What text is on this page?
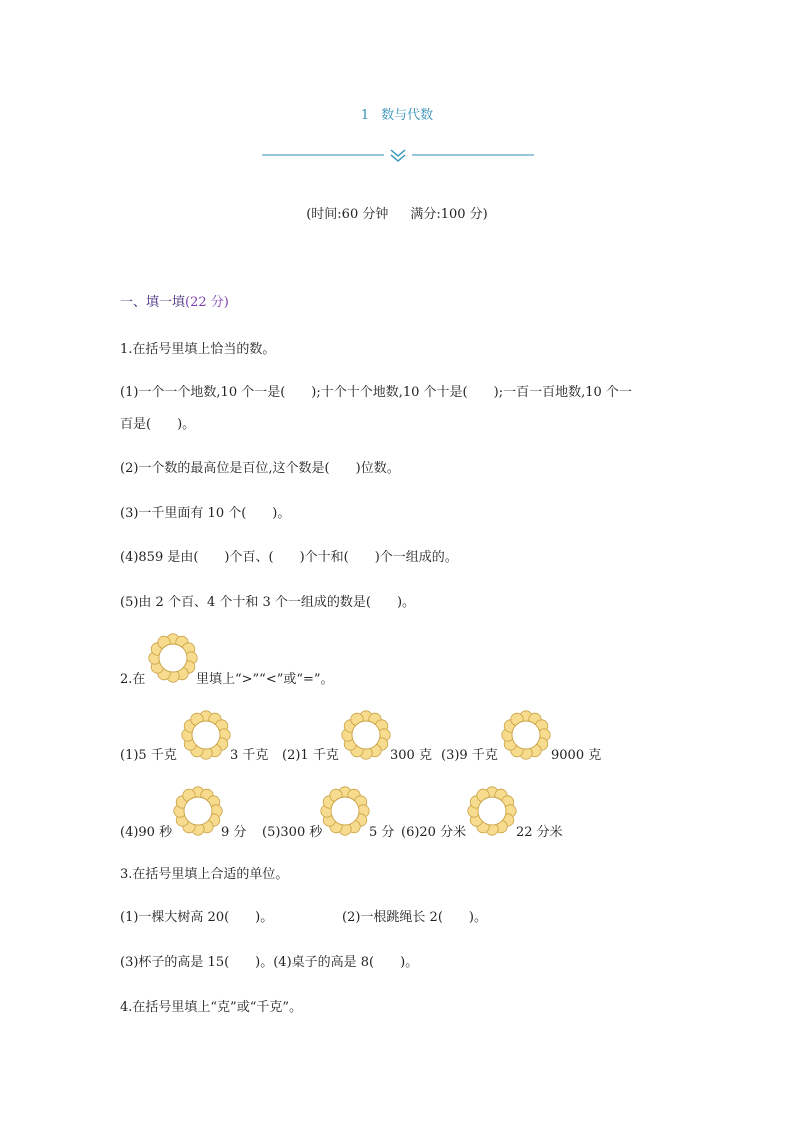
1 数与代数
(时间:60 分钟 满分:100 分)
一、填一填(22 分)
1.在括号里填上恰当的数。
(1)一个一个地数,10 个一是(　　);十个十个地数,10 个十是(　　);一百一百地数,10 个一
百是(　　)。
(2)一个数的最高位是百位,这个数是(　　)位数。
(3)一千里面有 10 个(　　)。
(4)859 是由(　　)个百、(　　)个十和(　　)个一组成的。
(5)由 2 个百、4 个十和 3 个一组成的数是(　　)。
2.在	里填上“>”“<”或“=”。
(1)5 千克	3 千克 (2)1 千克	300 克 (3)9 千克	9000 克
(4)90 秒	9 分 (5)300 秒	5 分 (6)20 分米	22 分米
3.在括号里填上合适的单位。
(1)一棵大树高 20(　　)。	(2)一根跳绳长 2(　　)。
(3)杯子的高是 15(　　)。(4)桌子的高是 8(　　)。
4.在括号里填上“克”或“千克”。
